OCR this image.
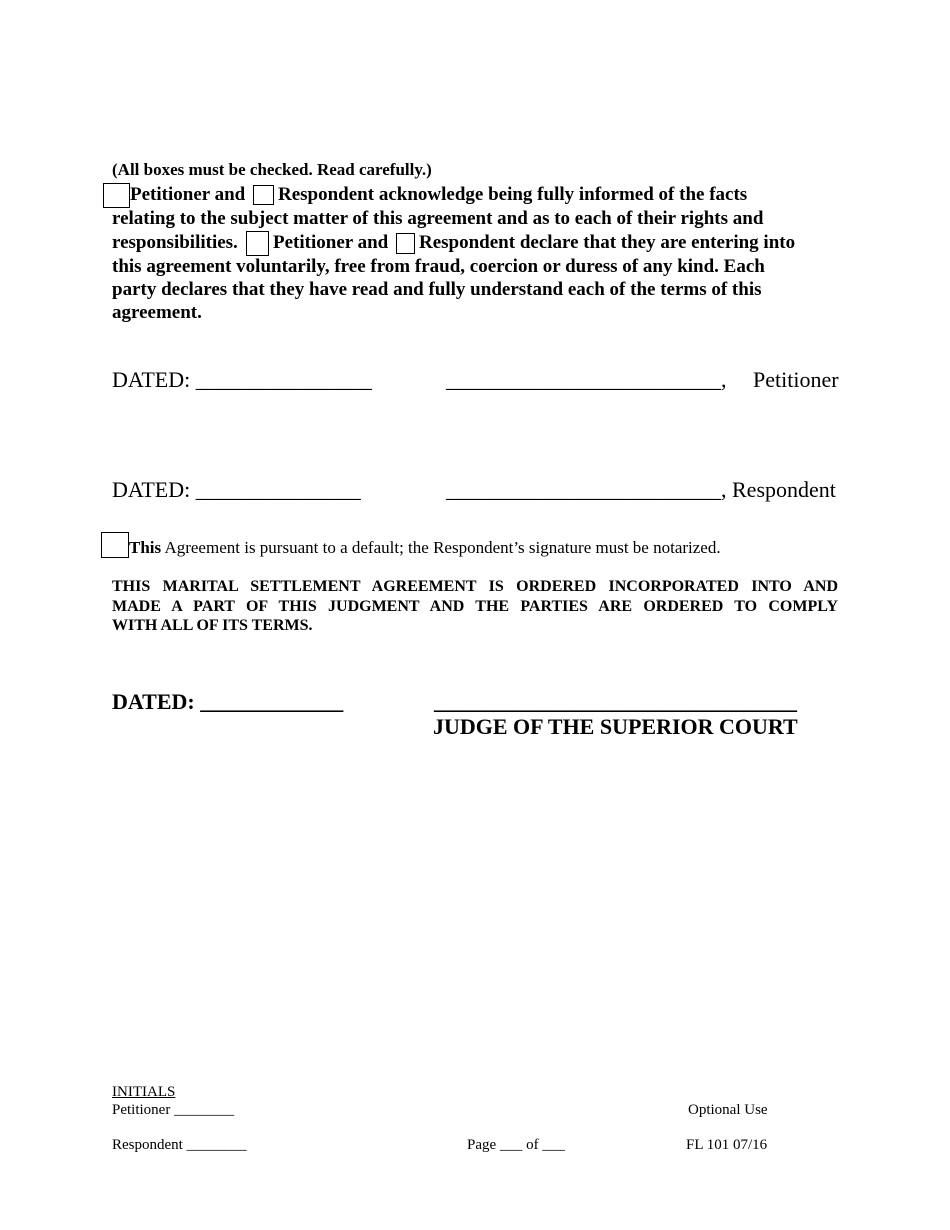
(All boxes must be checked. Read carefully.)
Petitioner and Respondent acknowledge being fully informed of the facts
relating to the subject matter of this agreement and as to each of their rights and
responsibilities. Petitioner and Respondent declare that they are entering into
this agreement voluntarily, free from fraud, coercion or duress of any kind. Each
party declares that they have read and fully understand each of the terms of this
agreement.
DATED: ________________	_________________________, Petitioner
DATED: _______________	_________________________, Respondent
This Agreement is pursuant to a default; the Respondent’s signature must be notarized.
THIS MARITAL SETTLEMENT AGREEMENT IS ORDERED INCORPORATED INTO AND
MADE A PART OF THIS JUDGMENT AND THE PARTIES ARE ORDERED TO COMPLY
WITH ALL OF ITS TERMS.
DATED: _____________	_________________________________
JUDGE OF THE SUPERIOR COURT
INITIALS
Petitioner ________
Respondent ________	Page ___ of ___
Optional Use
FL 101 07/16
